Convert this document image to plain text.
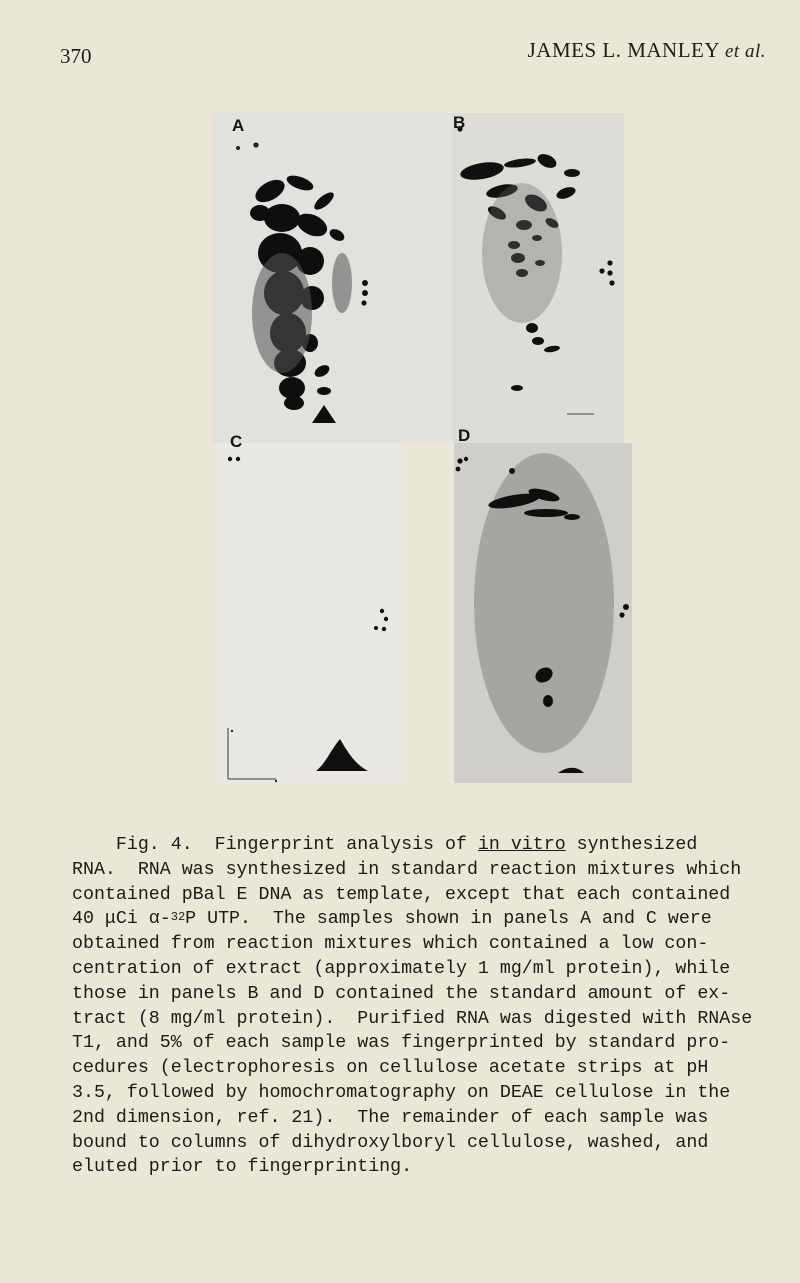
370	JAMES L. MANLEY et al.
A	B
C	D
Fig. 4.  Fingerprint analysis of in vitro synthesized
RNA.  RNA was synthesized in standard reaction mixtures which
contained pBal E DNA as template, except that each contained
40 μCi α-$^{32}$P UTP.  The samples shown in panels A and C were
obtained from reaction mixtures which contained a low con-
centration of extract (approximately 1 mg/ml protein), while
those in panels B and D contained the standard amount of ex-
tract (8 mg/ml protein).  Purified RNA was digested with RNAse
T1, and 5% of each sample was fingerprinted by standard pro-
cedures (electrophoresis on cellulose acetate strips at pH
3.5, followed by homochromatography on DEAE cellulose in the
2nd dimension, ref. 21).  The remainder of each sample was
bound to columns of dihydroxylboryl cellulose, washed, and
eluted prior to fingerprinting.
